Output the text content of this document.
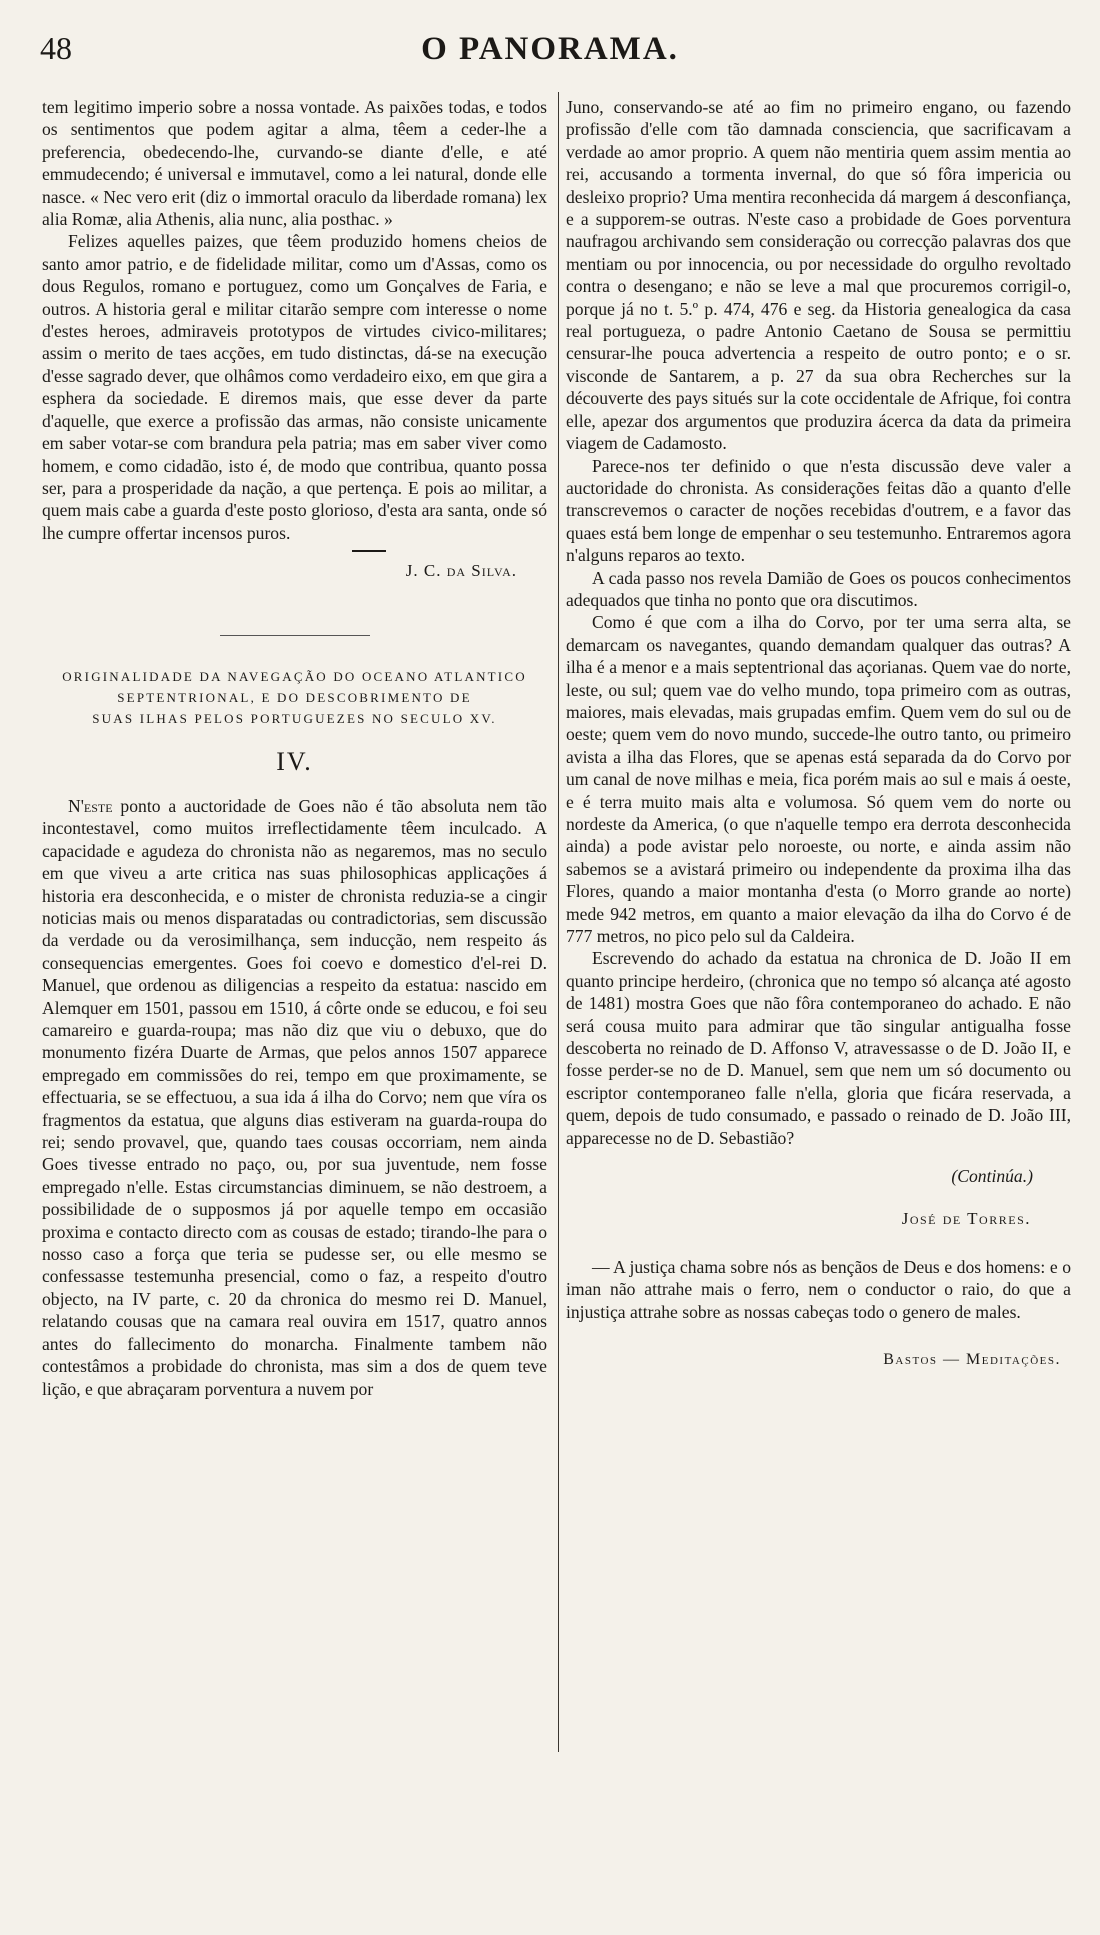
48	O PANORAMA.

tem legitimo imperio sobre a nossa vontade. As paixões todas, e todos os sentimentos que podem agitar a alma, têem a ceder-lhe a preferencia, obedecendo-lhe, curvando-se diante d'elle, e até emmudecendo; é universal e immutavel, como a lei natural, donde elle nasce. « Nec vero erit (diz o immortal oraculo da liberdade romana) lex alia Romæ, alia Athenis, alia nunc, alia posthac. »

Felizes aquelles paizes, que têem produzido homens cheios de santo amor patrio, e de fidelidade militar, como um d'Assas, como os dous Regulos, romano e portuguez, como um Gonçalves de Faria, e outros. A historia geral e militar citarão sempre com interesse o nome d'estes heroes, admiraveis prototypos de virtudes civico-militares; assim o merito de taes acções, em tudo distinctas, dá-se na execução d'esse sagrado dever, que olhâmos como verdadeiro eixo, em que gira a esphera da sociedade. E diremos mais, que esse dever da parte d'aquelle, que exerce a profissão das armas, não consiste unicamente em saber votar-se com brandura pela patria; mas em saber viver como homem, e como cidadão, isto é, de modo que contribua, quanto possa ser, para a prosperidade da nação, a que pertença. E pois ao militar, a quem mais cabe a guarda d'este posto glorioso, d'esta ara santa, onde só lhe cumpre offertar incensos puros.

J. C. da Silva.
ORIGINALIDADE DA NAVEGAÇÃO DO OCEANO ATLANTICO SEPTENTRIONAL, E DO DESCOBRIMENTO DE
SUAS ILHAS PELOS PORTUGUEZES NO SECULO XV.
IV.

N'este ponto a auctoridade de Goes não é tão absoluta nem tão incontestavel, como muitos irreflectidamente têem inculcado. A capacidade e agudeza do chronista não as negaremos, mas no seculo em que viveu a arte critica nas suas philosophicas applicações á historia era desconhecida, e o mister de chronista reduzia-se a cingir noticias mais ou menos disparatadas ou contradictorias, sem discussão da verdade ou da verosimilhança, sem inducção, nem respeito ás consequencias emergentes. Goes foi coevo e domestico d'el-rei D. Manuel, que ordenou as diligencias a respeito da estatua: nascido em Alemquer em 1501, passou em 1510, á côrte onde se educou, e foi seu camareiro e guarda-roupa; mas não diz que viu o debuxo, que do monumento fizéra Duarte de Armas, que pelos annos 1507 apparece empregado em commissões do rei, tempo em que proximamente, se effectuaria, se se effectuou, a sua ida á ilha do Corvo; nem que víra os fragmentos da estatua, que alguns dias estiveram na guarda-roupa do rei; sendo provavel, que, quando taes cousas occorriam, nem ainda Goes tivesse entrado no paço, ou, por sua juventude, nem fosse empregado n'elle. Estas circumstancias diminuem, se não destroem, a possibilidade de o supposmos já por aquelle tempo em occasião proxima e contacto directo com as cousas de estado; tirando-lhe para o nosso caso a força que teria se pudesse ser, ou elle mesmo se confessasse testemunha presencial, como o faz, a respeito d'outro objecto, na IV parte, c. 20 da chronica do mesmo rei D. Manuel, relatando cousas que na camara real ouvira em 1517, quatro annos antes do fallecimento do monarcha. Finalmente tambem não contestâmos a probidade do chronista, mas sim a dos de quem teve lição, e que abraçaram porventura a nuvem por

Juno, conservando-se até ao fim no primeiro engano, ou fazendo profissão d'elle com tão damnada consciencia, que sacrificavam a verdade ao amor proprio. A quem não mentiria quem assim mentia ao rei, accusando a tormenta invernal, do que só fôra impericia ou desleixo proprio? Uma mentira reconhecida dá margem á desconfiança, e a supporem-se outras. N'este caso a probidade de Goes porventura naufragou archivando sem consideração ou correcção palavras dos que mentiam ou por innocencia, ou por necessidade do orgulho revoltado contra o desengano; e não se leve a mal que procuremos corrigil-o, porque já no t. 5.º p. 474, 476 e seg. da Historia genealogica da casa real portugueza, o padre Antonio Caetano de Sousa se permittiu censurar-lhe pouca advertencia a respeito de outro ponto; e o sr. visconde de Santarem, a p. 27 da sua obra Recherches sur la découverte des pays situés sur la cote occidentale de Afrique, foi contra elle, apezar dos argumentos que produzira ácerca da data da primeira viagem de Cadamosto.

Parece-nos ter definido o que n'esta discussão deve valer a auctoridade do chronista. As considerações feitas dão a quanto d'elle transcrevemos o caracter de noções recebidas d'outrem, e a favor das quaes está bem longe de empenhar o seu testemunho. Entraremos agora n'alguns reparos ao texto.

A cada passo nos revela Damião de Goes os poucos conhecimentos adequados que tinha no ponto que ora discutimos.

Como é que com a ilha do Corvo, por ter uma serra alta, se demarcam os navegantes, quando demandam qualquer das outras? A ilha é a menor e a mais septentrional das açorianas. Quem vae do norte, leste, ou sul; quem vae do velho mundo, topa primeiro com as outras, maiores, mais elevadas, mais grupadas emfim. Quem vem do sul ou de oeste; quem vem do novo mundo, succede-lhe outro tanto, ou primeiro avista a ilha das Flores, que se apenas está separada da do Corvo por um canal de nove milhas e meia, fica porém mais ao sul e mais á oeste, e é terra muito mais alta e volumosa. Só quem vem do norte ou nordeste da America, (o que n'aquelle tempo era derrota desconhecida ainda) a pode avistar pelo noroeste, ou norte, e ainda assim não sabemos se a avistará primeiro ou independente da proxima ilha das Flores, quando a maior montanha d'esta (o Morro grande ao norte) mede 942 metros, em quanto a maior elevação da ilha do Corvo é de 777 metros, no pico pelo sul da Caldeira.

Escrevendo do achado da estatua na chronica de D. João II em quanto principe herdeiro, (chronica que no tempo só alcança até agosto de 1481) mostra Goes que não fôra contemporaneo do achado. E não será cousa muito para admirar que tão singular antigualha fosse descoberta no reinado de D. Affonso V, atravessasse o de D. João II, e fosse perder-se no de D. Manuel, sem que nem um só documento ou escriptor contemporaneo falle n'ella, gloria que ficára reservada, a quem, depois de tudo consumado, e passado o reinado de D. João III, apparecesse no de D. Sebastião?

(Continúa.)
José de Torres.

— A justiça chama sobre nós as bençãos de Deus e dos homens: e o iman não attrahe mais o ferro, nem o conductor o raio, do que a injustiça attrahe sobre as nossas cabeças todo o genero de males.

Bastos — Meditações.
